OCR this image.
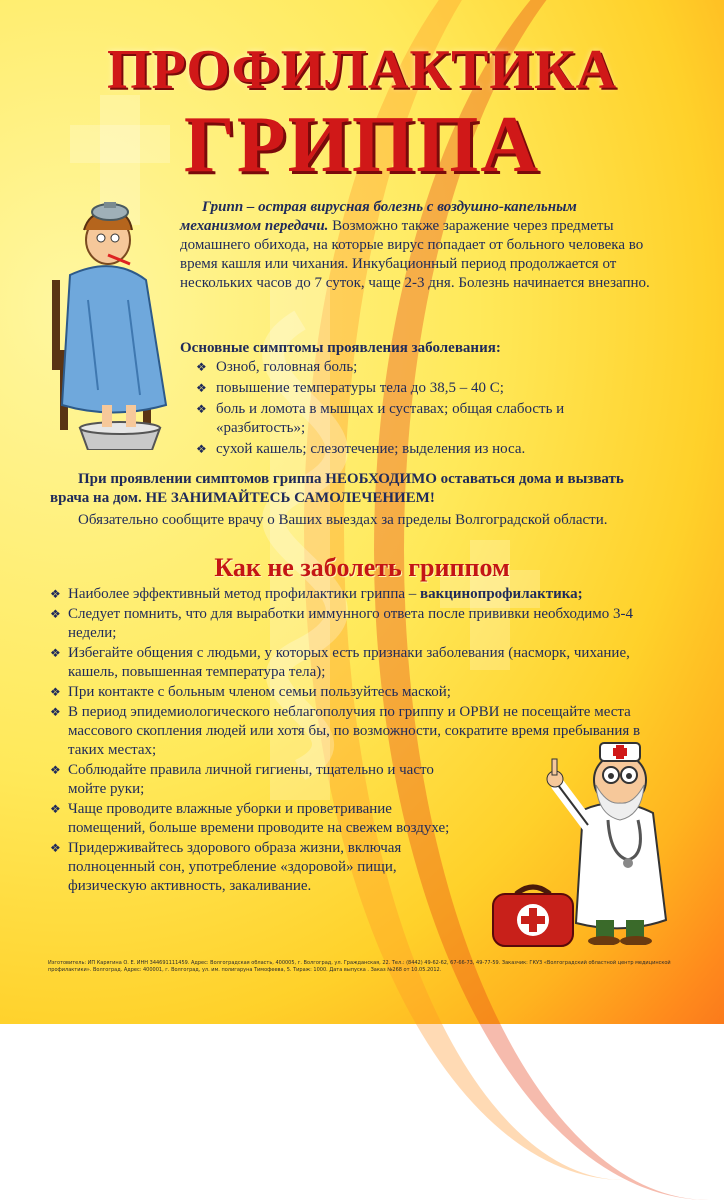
ПРОФИЛАКТИКА
ГРИППА
Грипп – острая вирусная болезнь с воздушно-капельным механизмом передачи. Возможно также заражение через предметы домашнего обихода, на которые вирус попадает от больного человека во время кашля или чихания. Инкубационный период продолжается от нескольких часов до 7 суток, чаще 2-3 дня. Болезнь начинается внезапно.
Основные симптомы проявления заболевания:
❖ Озноб, головная боль;
❖ повышение температуры тела до 38,5 – 40 С;
❖ боль и ломота в мышцах и суставах; общая слабость и «разбитость»;
❖ сухой кашель; слезотечение; выделения из носа.
При проявлении симптомов гриппа НЕОБХОДИМО оставаться дома и вызвать врача на дом. НЕ ЗАНИМАЙТЕСЬ САМОЛЕЧЕНИЕМ!
Обязательно сообщите врачу о Ваших выездах за пределы Волгоградской области.
Как не заболеть гриппом
❖ Наиболее эффективный метод профилактики гриппа – вакцинопрофилактика;
❖ Следует помнить, что для выработки иммунного ответа после прививки необходимо 3-4 недели;
❖ Избегайте общения с людьми, у которых есть признаки заболевания (насморк, чихание, кашель, повышенная температура тела);
❖ При контакте с больным членом семьи пользуйтесь маской;
❖ В период эпидемиологического неблагополучия по гриппу и ОРВИ не посещайте места массового скопления людей или хотя бы, по возможности, сократите время пребывания в таких местах;
❖ Соблюдайте правила личной гигиены, тщательно и часто мойте руки;
❖ Чаще проводите влажные уборки и проветривание помещений, больше времени проводите на свежем воздухе;
❖ Придерживайтесь здорового образа жизни, включая полноценный сон, употребление «здоровой» пищи, физическую активность, закаливание.
Изготовитель: ИП Карягина О. Е. ИНН 344691111459. Адрес: Волгоградская область, 400005, г. Волгоград, ул. Гражданская, 22. Тел.: (8442) 49-62-62, 67-66-73, 49-77-59. Заказчик: ГКУЗ «Волгоградский областной центр медицинской профилактики». Волгоград. Адрес: 400001, г. Волгоград, ул. им. полигаруна Тимофеева, 5. Тираж: 1000. Дата выпуска . Заказ №268 от 10.05.2012.
